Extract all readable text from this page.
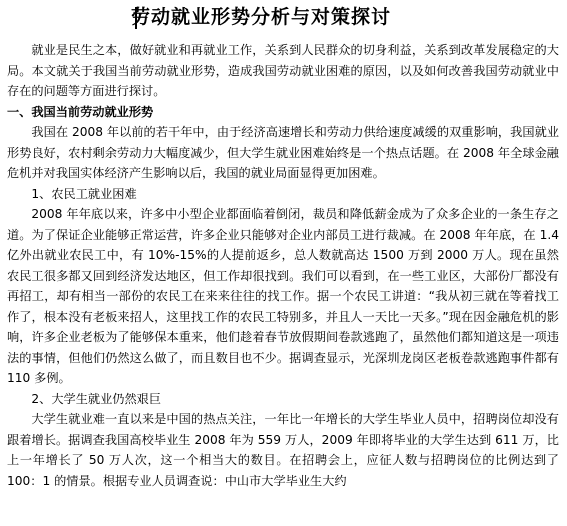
劳动就业形势分析与对策探讨

就业是民生之本，做好就业和再就业工作，关系到人民群众的切身利益，关系到改革发展稳定的大局。本文就关于我国当前劳动就业形势，造成我国劳动就业困难的原因，以及如何改善我国劳动就业中存在的问题等方面进行探讨。

一、我国当前劳动就业形势

我国在 2008 年以前的若干年中，由于经济高速增长和劳动力供给速度减缓的双重影响，我国就业形势良好，农村剩余劳动力大幅度减少，但大学生就业困难始终是一个热点话题。在 2008 年全球金融危机并对我国实体经济产生影响以后，我国的就业局面显得更加困难。

1、农民工就业困难

2008 年年底以来，许多中小型企业都面临着倒闭，裁员和降低薪金成为了众多企业的一条生存之道。为了保证企业能够正常运营，许多企业只能够对企业内部员工进行裁减。在 2008 年年底，在 1.4 亿外出就业农民工中，有 10%-15%的人提前返乡，总人数就高达 1500 万到 2000 万人。现在虽然农民工很多都又回到经济发达地区，但工作却很找到。我们可以看到，在一些工业区，大部份厂都没有再招工，却有相当一部份的农民工在来来往往的找工作。据一个农民工讲道：“我从初三就在等着找工作了，根本没有老板来招人，这里找工作的农民工特别多，并且人一天比一天多。”现在因金融危机的影响，许多企业老板为了能够保本重来，他们趁着春节放假期间卷款逃跑了，虽然他们都知道这是一项违法的事情，但他们仍然这么做了，而且数目也不少。据调查显示，光深圳龙岗区老板卷款逃跑事件都有 110 多例。

2、大学生就业仍然艰巨

大学生就业难一直以来是中国的热点关注，一年比一年增长的大学生毕业人员中，招聘岗位却没有跟着增长。据调查我国高校毕业生 2008 年为 559 万人，2009 年即将毕业的大学生达到 611 万，比上一年增长了 50 万人次，这一个相当大的数目。在招聘会上，应征人数与招聘岗位的比例达到了 100：1 的情景。根据专业人员调查说：中山市大学毕业生大约
